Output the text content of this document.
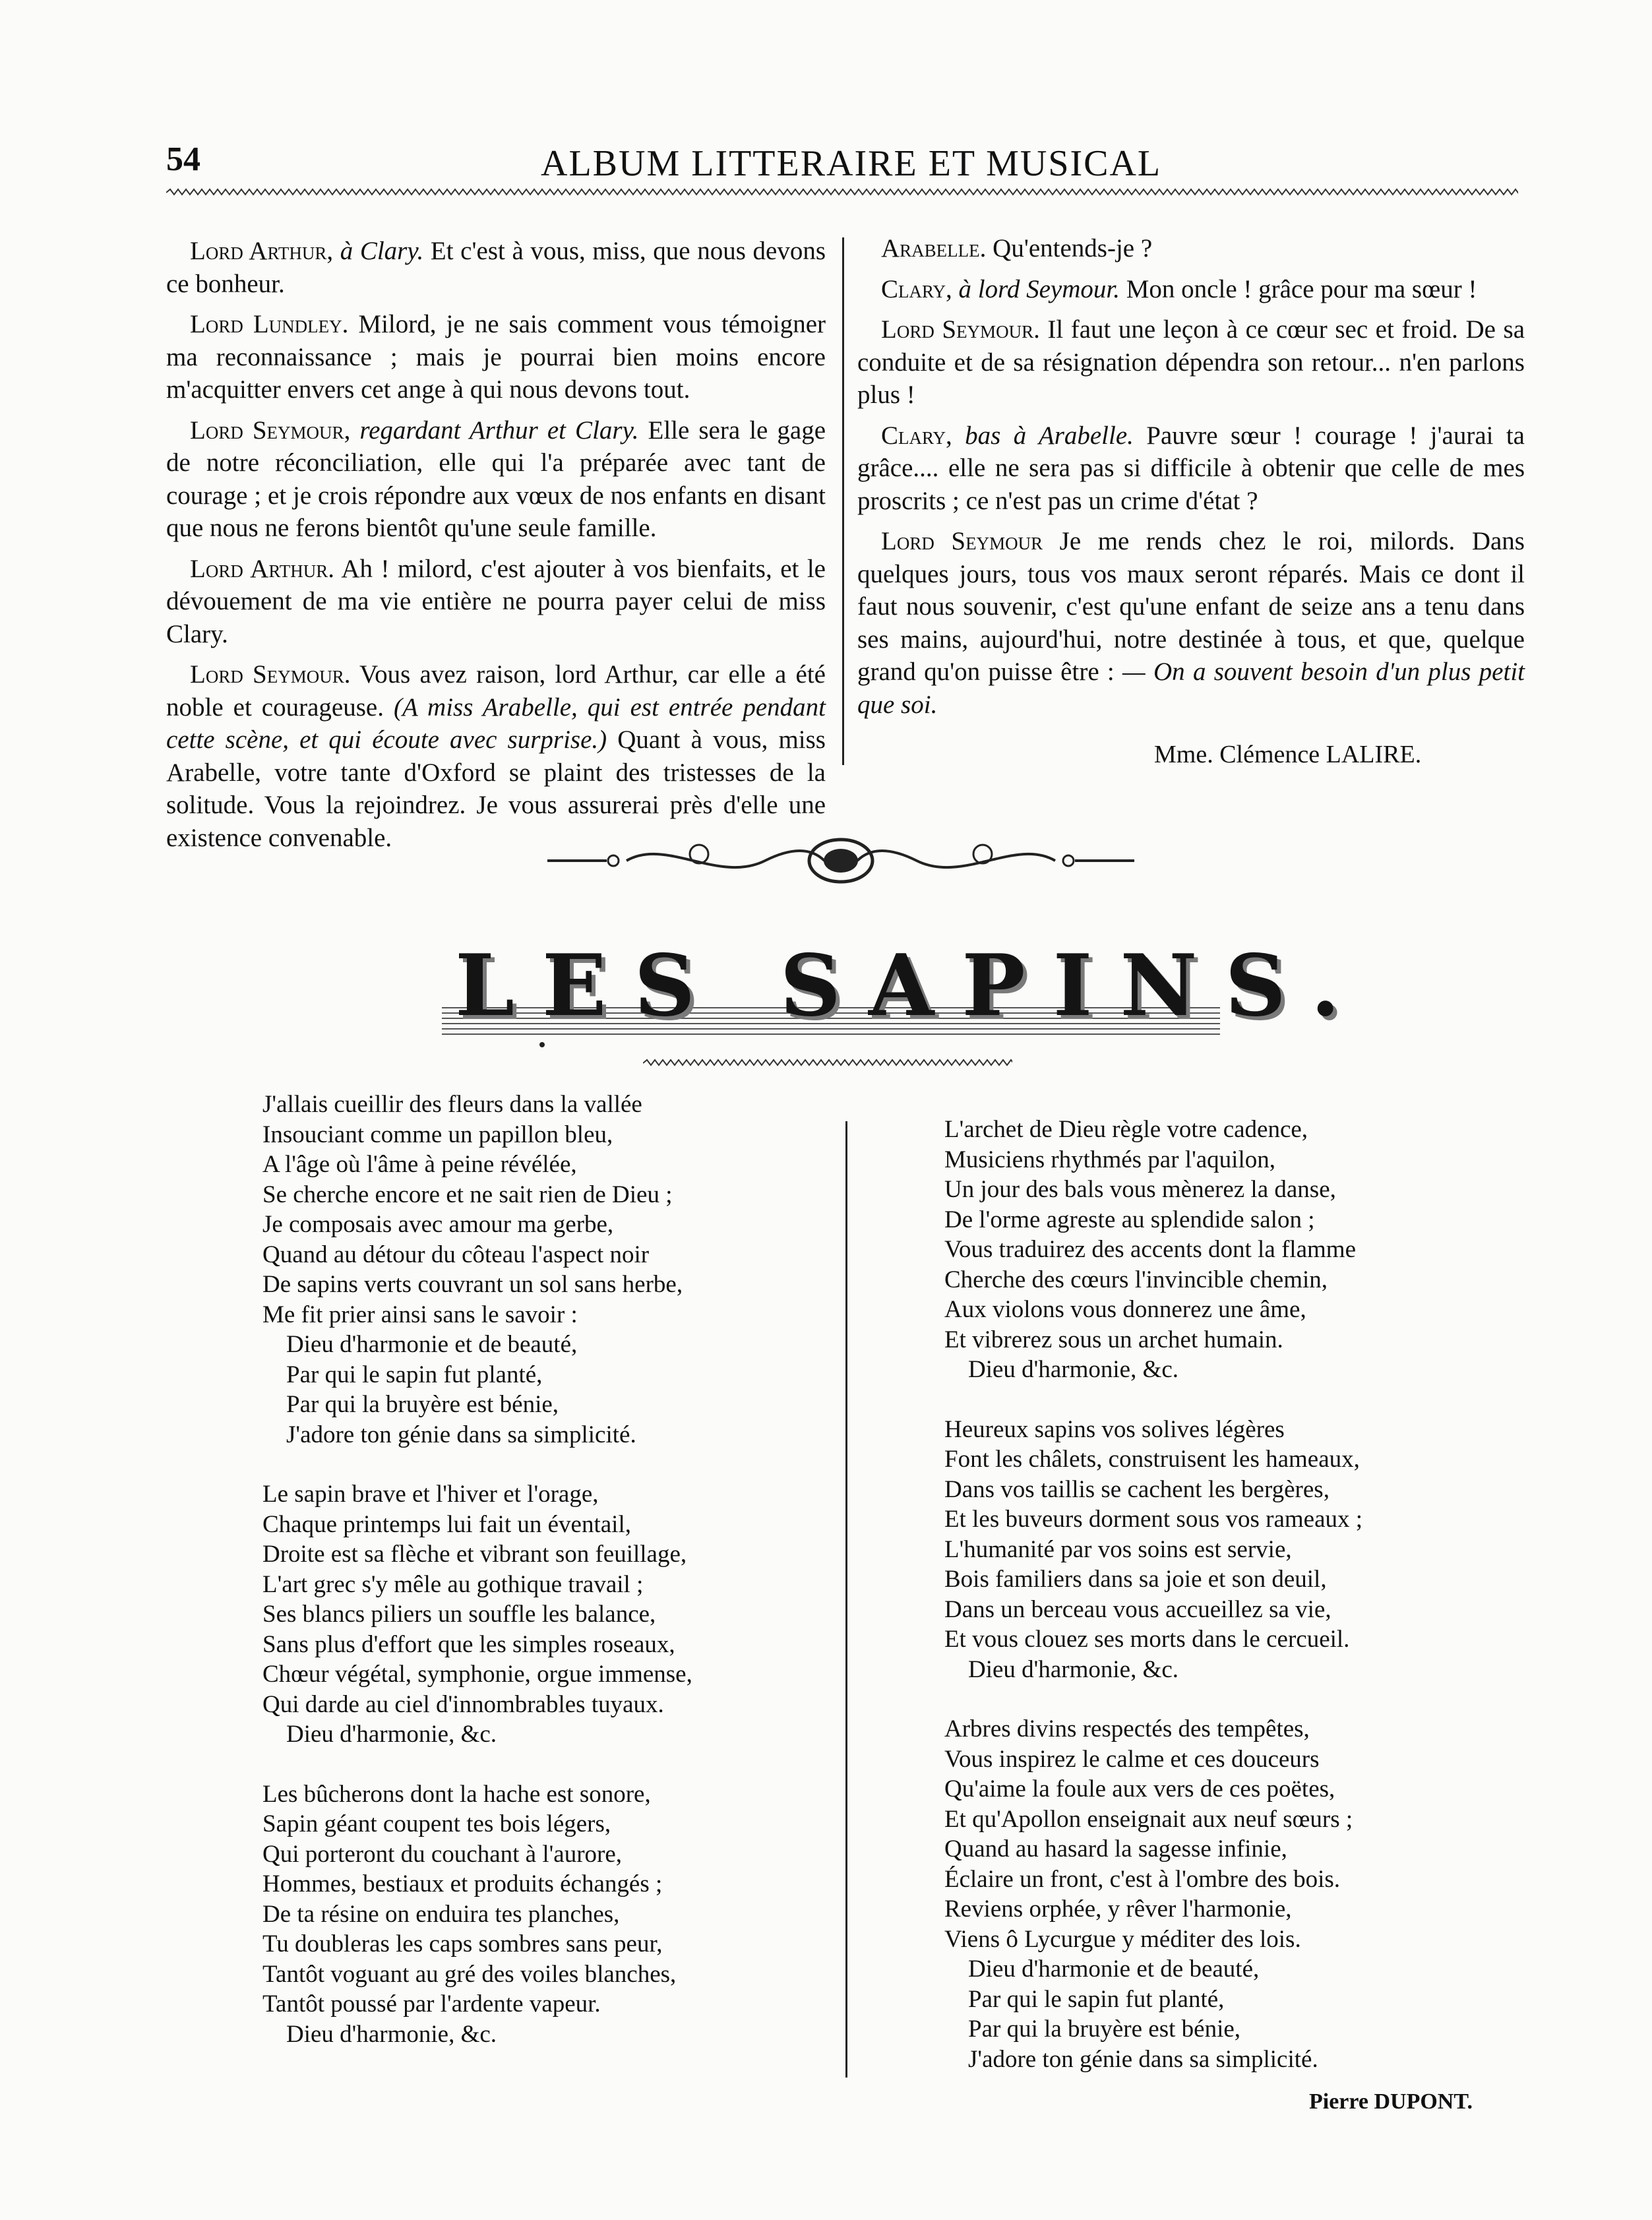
54	ALBUM LITTERAIRE ET MUSICAL

Lord Arthur, à Clary. Et c'est à vous, miss, que nous devons ce bonheur.

Lord Lundley. Milord, je ne sais comment vous témoigner ma reconnaissance ; mais je pourrai bien moins encore m'acquitter envers cet ange à qui nous devons tout.

Lord Seymour, regardant Arthur et Clary. Elle sera le gage de notre réconciliation, elle qui l'a préparée avec tant de courage ; et je crois répondre aux vœux de nos enfants en disant que nous ne ferons bientôt qu'une seule famille.

Lord Arthur. Ah ! milord, c'est ajouter à vos bienfaits, et le dévouement de ma vie entière ne pourra payer celui de miss Clary.

Lord Seymour. Vous avez raison, lord Arthur, car elle a été noble et courageuse. (A miss Arabelle, qui est entrée pendant cette scène, et qui écoute avec surprise.) Quant à vous, miss Arabelle, votre tante d'Oxford se plaint des tristesses de la solitude. Vous la rejoindrez. Je vous assurerai près d'elle une existence convenable.

Arabelle. Qu'entends-je ?

Clary, à lord Seymour. Mon oncle ! grâce pour ma sœur !

Lord Seymour. Il faut une leçon à ce cœur sec et froid. De sa conduite et de sa résignation dépendra son retour... n'en parlons plus !

Clary, bas à Arabelle. Pauvre sœur ! courage ! j'aurai ta grâce.... elle ne sera pas si difficile à obtenir que celle de mes proscrits ; ce n'est pas un crime d'état ?

Lord Seymour Je me rends chez le roi, milords. Dans quelques jours, tous vos maux seront réparés. Mais ce dont il faut nous souvenir, c'est qu'une enfant de seize ans a tenu dans ses mains, aujourd'hui, notre destinée à tous, et que, quelque grand qu'on puisse être : — On a souvent besoin d'un plus petit que soi.

Mme. Clémence LALIRE.
LES SAPINS.
J'allais cueillir des fleurs dans la vallée
Insouciant comme un papillon bleu,
A l'âge où l'âme à peine révélée,
Se cherche encore et ne sait rien de Dieu ;
Je composais avec amour ma gerbe,
Quand au détour du côteau l'aspect noir
De sapins verts couvrant un sol sans herbe,
Me fit prier ainsi sans le savoir :
Dieu d'harmonie et de beauté,
Par qui le sapin fut planté,
Par qui la bruyère est bénie,
J'adore ton génie dans sa simplicité.
Le sapin brave et l'hiver et l'orage,
Chaque printemps lui fait un éventail,
Droite est sa flèche et vibrant son feuillage,
L'art grec s'y mêle au gothique travail ;
Ses blancs piliers un souffle les balance,
Sans plus d'effort que les simples roseaux,
Chœur végétal, symphonie, orgue immense,
Qui darde au ciel d'innombrables tuyaux.
Dieu d'harmonie, &c.
Les bûcherons dont la hache est sonore,
Sapin géant coupent tes bois légers,
Qui porteront du couchant à l'aurore,
Hommes, bestiaux et produits échangés ;
De ta résine on enduira tes planches,
Tu doubleras les caps sombres sans peur,
Tantôt voguant au gré des voiles blanches,
Tantôt poussé par l'ardente vapeur.
Dieu d'harmonie, &c.
L'archet de Dieu règle votre cadence,
Musiciens rhythmés par l'aquilon,
Un jour des bals vous mènerez la danse,
De l'orme agreste au splendide salon ;
Vous traduirez des accents dont la flamme
Cherche des cœurs l'invincible chemin,
Aux violons vous donnerez une âme,
Et vibrerez sous un archet humain.
Dieu d'harmonie, &c.
Heureux sapins vos solives légères
Font les châlets, construisent les hameaux,
Dans vos taillis se cachent les bergères,
Et les buveurs dorment sous vos rameaux ;
L'humanité par vos soins est servie,
Bois familiers dans sa joie et son deuil,
Dans un berceau vous accueillez sa vie,
Et vous clouez ses morts dans le cercueil.
Dieu d'harmonie, &c.
Arbres divins respectés des tempêtes,
Vous inspirez le calme et ces douceurs
Qu'aime la foule aux vers de ces poëtes,
Et qu'Apollon enseignait aux neuf sœurs ;
Quand au hasard la sagesse infinie,
Éclaire un front, c'est à l'ombre des bois.
Reviens orphée, y rêver l'harmonie,
Viens ô Lycurgue y méditer des lois.
Dieu d'harmonie et de beauté,
Par qui le sapin fut planté,
Par qui la bruyère est bénie,
J'adore ton génie dans sa simplicité.
Pierre DUPONT.
